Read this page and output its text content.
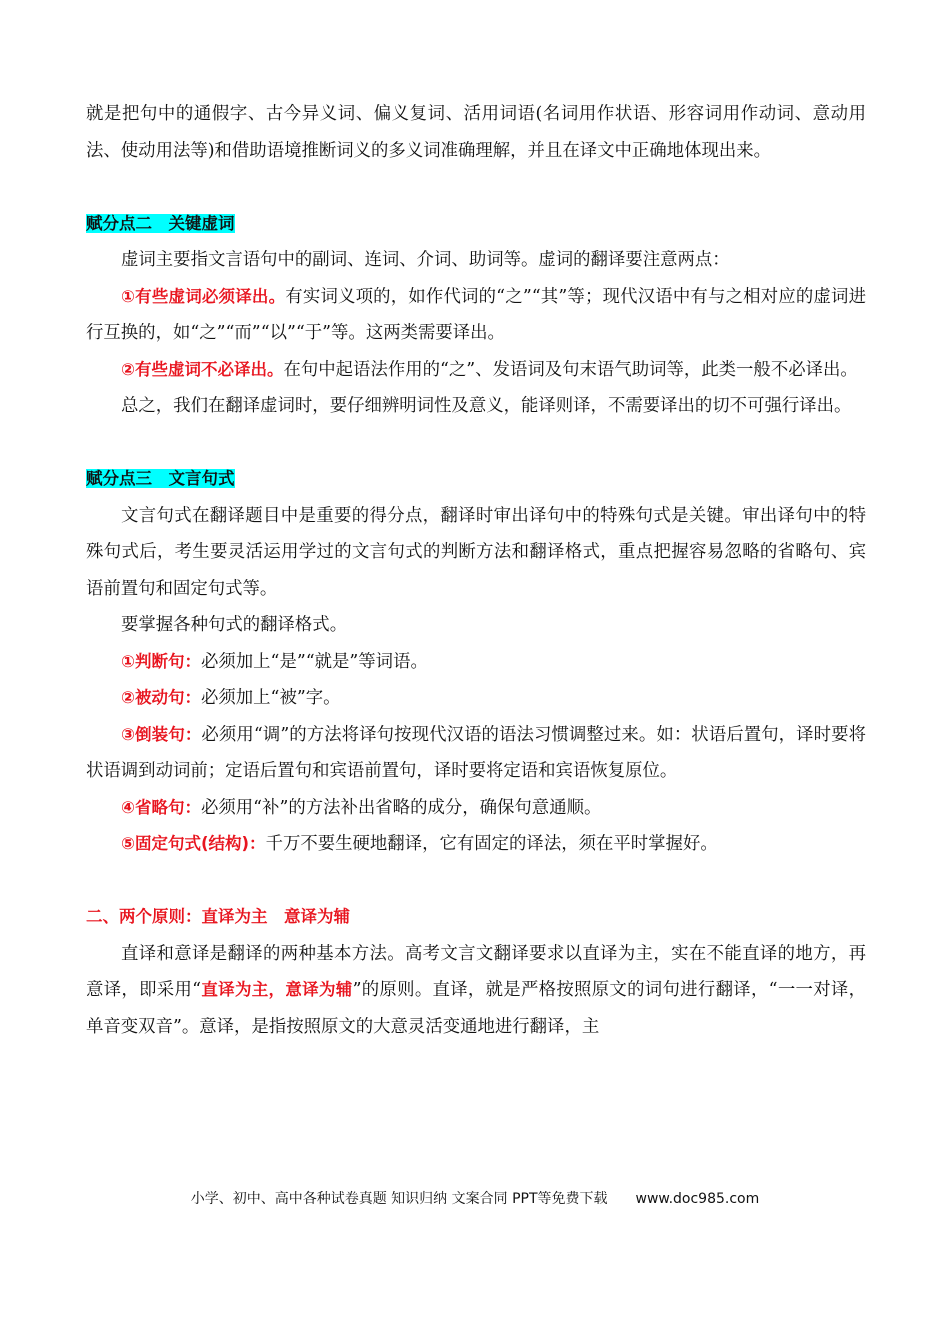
就是把句中的通假字、古今异义词、偏义复词、活用词语(名词用作状语、形容词用作动词、意动用法、使动用法等)和借助语境推断词义的多义词准确理解，并且在译文中正确地体现出来。

赋分点二　关键虚词

虚词主要指文言语句中的副词、连词、介词、助词等。虚词的翻译要注意两点：

①有些虚词必须译出。有实词义项的，如作代词的“之”“其”等；现代汉语中有与之相对应的虚词进行互换的，如“之”“而”“以”“于”等。这两类需要译出。

②有些虚词不必译出。在句中起语法作用的“之”、发语词及句末语气助词等，此类一般不必译出。

总之，我们在翻译虚词时，要仔细辨明词性及意义，能译则译，不需要译出的切不可强行译出。

赋分点三　文言句式

文言句式在翻译题目中是重要的得分点，翻译时审出译句中的特殊句式是关键。审出译句中的特殊句式后，考生要灵活运用学过的文言句式的判断方法和翻译格式，重点把握容易忽略的省略句、宾语前置句和固定句式等。

要掌握各种句式的翻译格式。

①判断句：必须加上“是”“就是”等词语。

②被动句：必须加上“被”字。

③倒装句：必须用“调”的方法将译句按现代汉语的语法习惯调整过来。如：状语后置句，译时要将状语调到动词前；定语后置句和宾语前置句，译时要将定语和宾语恢复原位。

④省略句：必须用“补”的方法补出省略的成分，确保句意通顺。

⑤固定句式(结构)：千万不要生硬地翻译，它有固定的译法，须在平时掌握好。

二、两个原则：直译为主　意译为辅

直译和意译是翻译的两种基本方法。高考文言文翻译要求以直译为主，实在不能直译的地方，再意译，即采用“直译为主，意译为辅”的原则。直译，就是严格按照原文的词句进行翻译，“一一对译，单音变双音”。意译，是指按照原文的大意灵活变通地进行翻译，主

小学、初中、高中各种试卷真题 知识归纳 文案合同 PPT等免费下载 www.doc985.com
